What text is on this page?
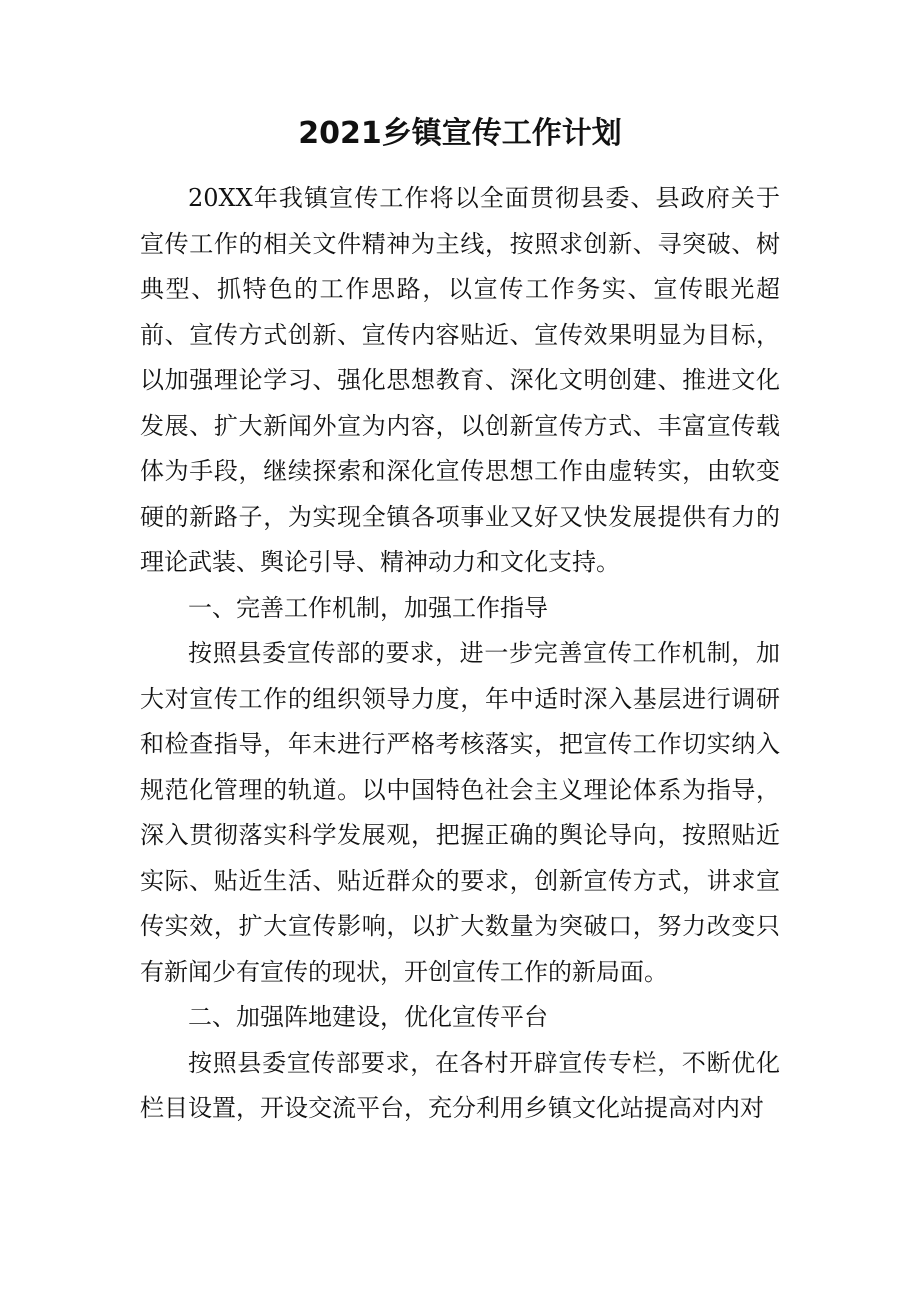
2021乡镇宣传工作计划

20XX年我镇宣传工作将以全面贯彻县委、县政府关于宣传工作的相关文件精神为主线，按照求创新、寻突破、树典型、抓特色的工作思路，以宣传工作务实、宣传眼光超前、宣传方式创新、宣传内容贴近、宣传效果明显为目标，以加强理论学习、强化思想教育、深化文明创建、推进文化发展、扩大新闻外宣为内容，以创新宣传方式、丰富宣传载体为手段，继续探索和深化宣传思想工作由虚转实，由软变硬的新路子，为实现全镇各项事业又好又快发展提供有力的理论武装、舆论引导、精神动力和文化支持。

一、完善工作机制，加强工作指导

按照县委宣传部的要求，进一步完善宣传工作机制，加大对宣传工作的组织领导力度，年中适时深入基层进行调研和检查指导，年末进行严格考核落实，把宣传工作切实纳入规范化管理的轨道。以中国特色社会主义理论体系为指导，深入贯彻落实科学发展观，把握正确的舆论导向，按照贴近实际、贴近生活、贴近群众的要求，创新宣传方式，讲求宣传实效，扩大宣传影响，以扩大数量为突破口，努力改变只有新闻少有宣传的现状，开创宣传工作的新局面。

二、加强阵地建设，优化宣传平台

按照县委宣传部要求，在各村开辟宣传专栏，不断优化栏目设置，开设交流平台，充分利用乡镇文化站提高对内对
